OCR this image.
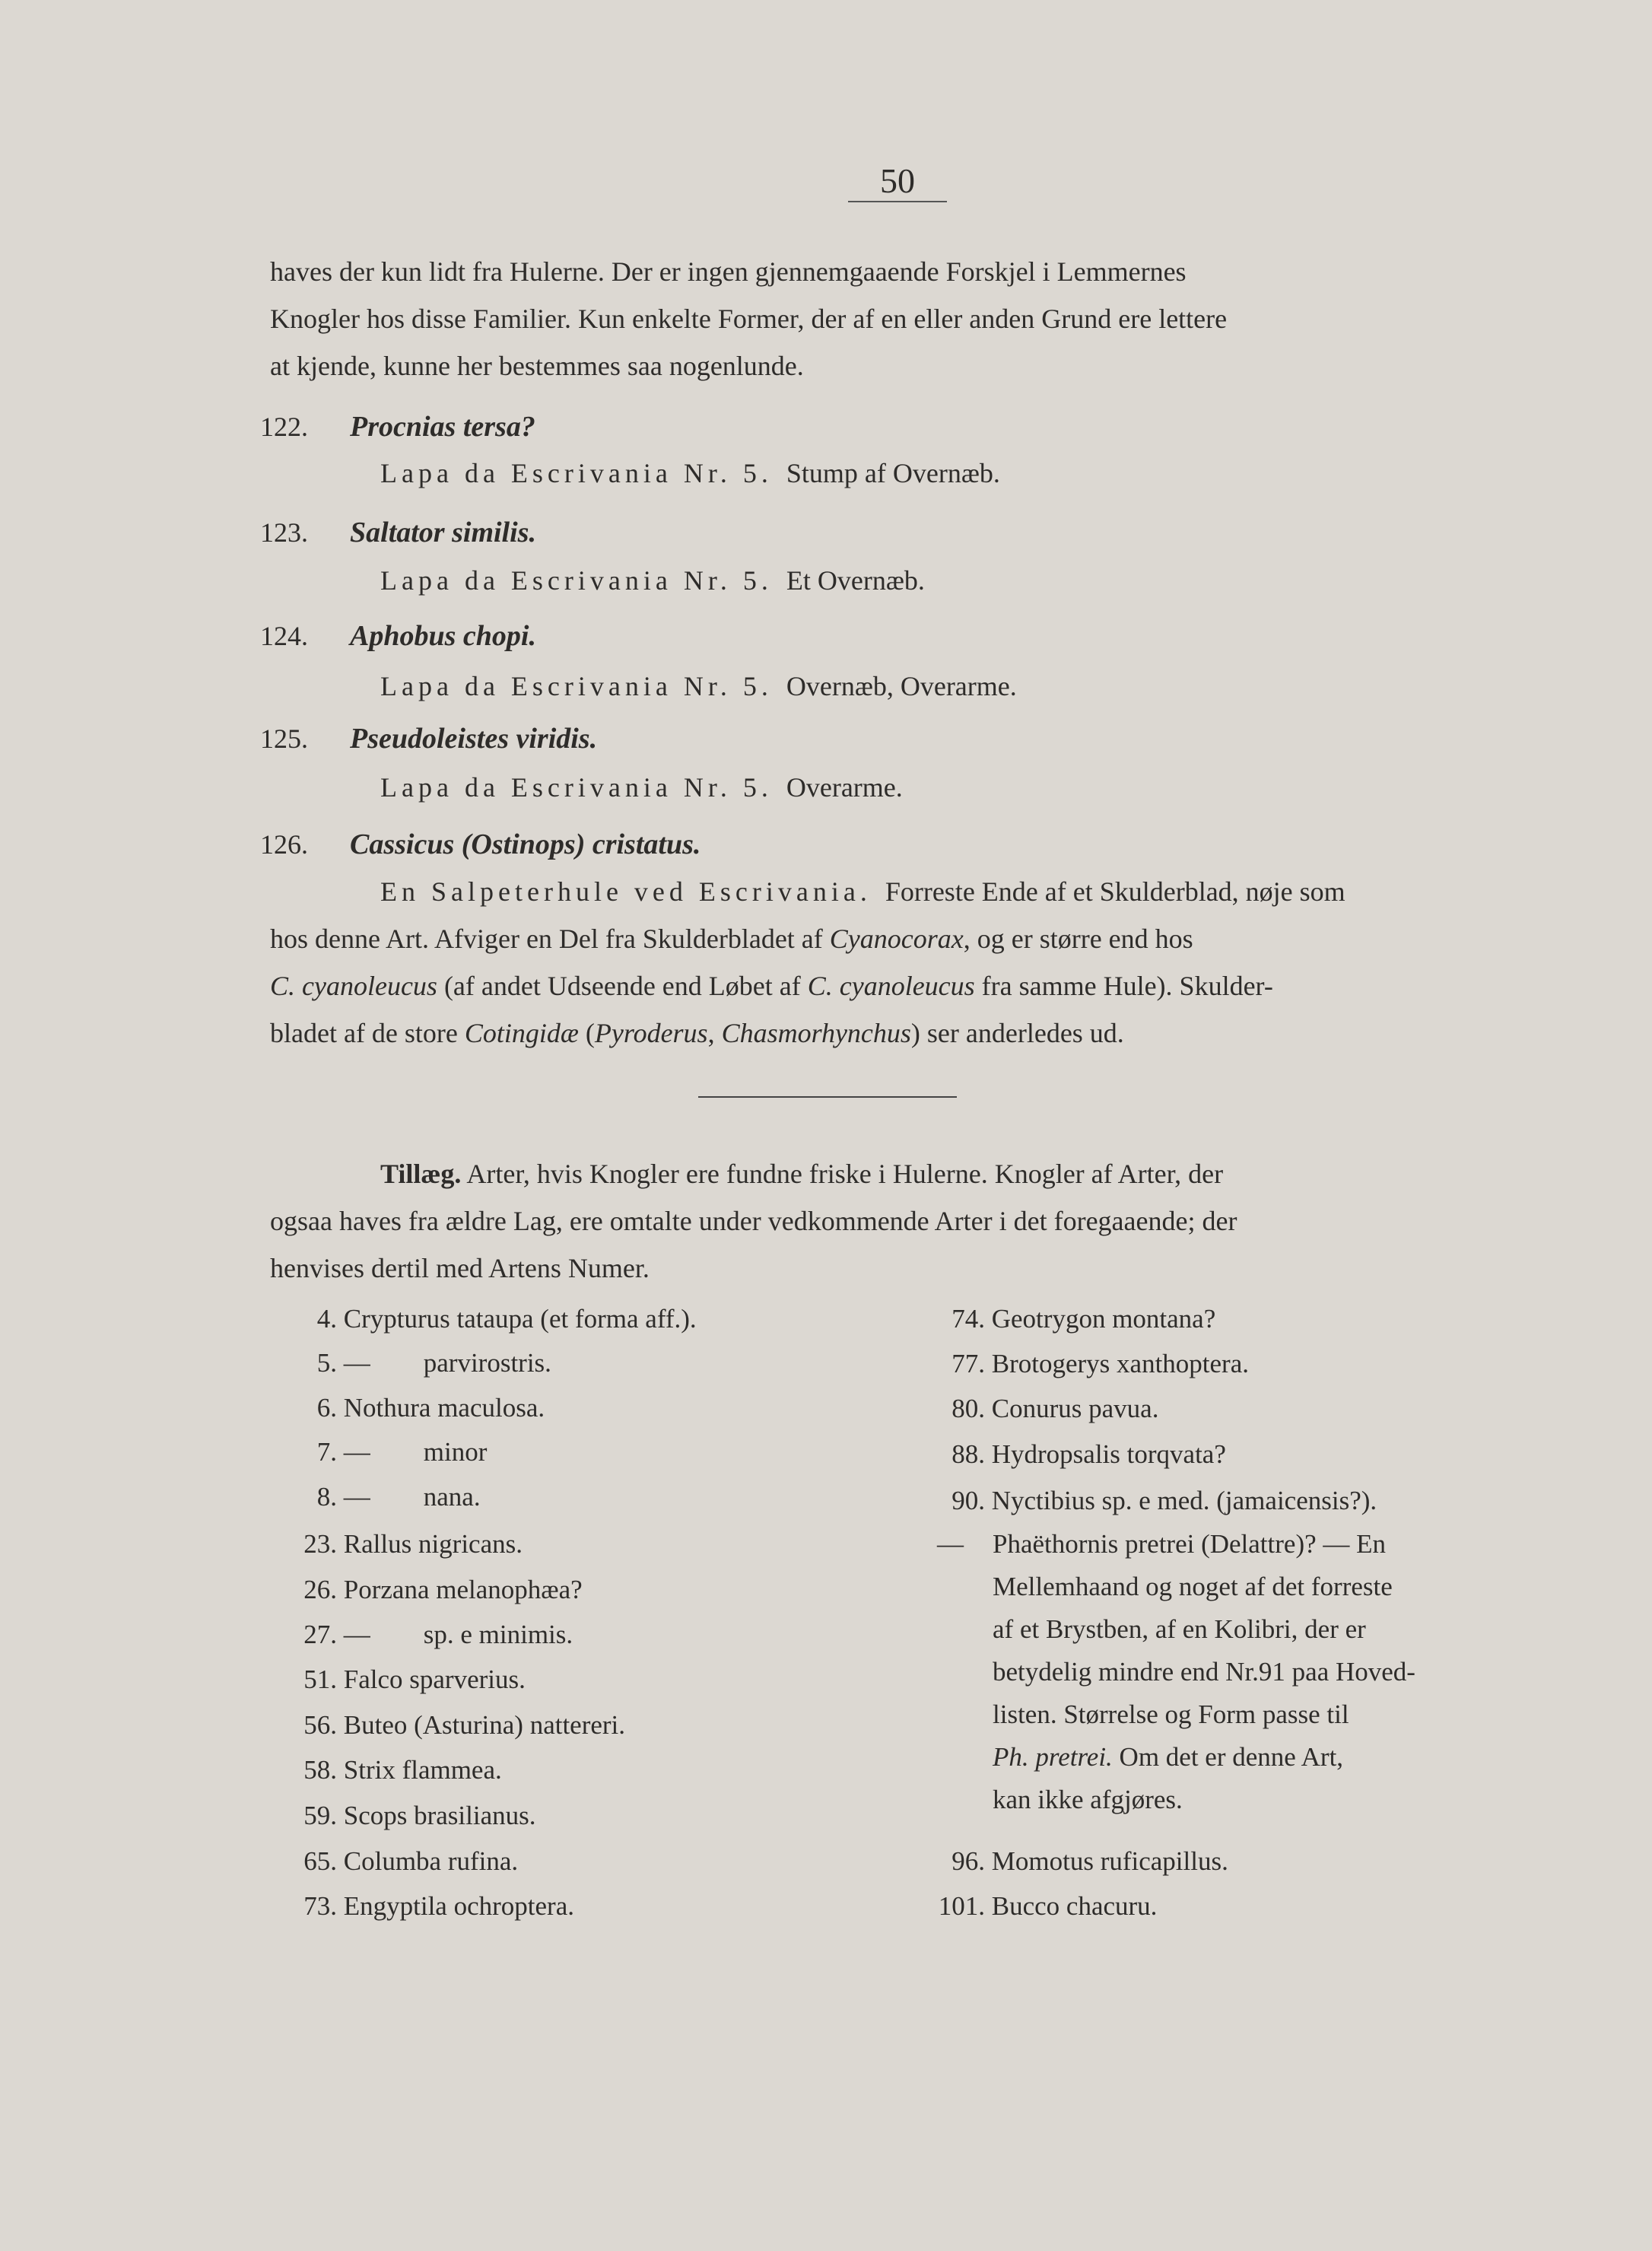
50
haves der kun lidt fra Hulerne. Der er ingen gjennemgaaende Forskjel i Lemmernes
Knogler hos disse Familier. Kun enkelte Former, der af en eller anden Grund ere lettere
at kjende, kunne her bestemmes saa nogenlunde.
122. Procnias tersa?
Lapa da Escrivania Nr. 5. Stump af Overnæb.
123. Saltator similis.
Lapa da Escrivania Nr. 5. Et Overnæb.
124. Aphobus chopi.
Lapa da Escrivania Nr. 5. Overnæb, Overarme.
125. Pseudoleistes viridis.
Lapa da Escrivania Nr. 5. Overarme.
126. Cassicus (Ostinops) cristatus.
En Salpeterhule ved Escrivania. Forreste Ende af et Skulderblad, nøje som
hos denne Art. Afviger en Del fra Skulderbladet af Cyanocorax, og er større end hos
C. cyanoleucus (af andet Udseende end Løbet af C. cyanoleucus fra samme Hule). Skulder-
bladet af de store Cotingidæ (Pyroderus, Chasmorhynchus) ser anderledes ud.
Tillæg. Arter, hvis Knogler ere fundne friske i Hulerne. Knogler af Arter, der
ogsaa haves fra ældre Lag, ere omtalte under vedkommende Arter i det foregaaende; der
henvises dertil med Artens Numer.
4. Crypturus tataupa (et forma aff.).
5. —  parvirostris.
6. Nothura maculosa.
7. —  minor
8. —  nana.
23. Rallus nigricans.
26. Porzana melanophæa?
27. —  sp. e minimis.
51. Falco sparverius.
56. Buteo (Asturina) nattereri.
58. Strix flammea.
59. Scops brasilianus.
65. Columba rufina.
73. Engyptila ochroptera.
74. Geotrygon montana?
77. Brotogerys xanthoptera.
80. Conurus pavua.
88. Hydropsalis torqvata?
90. Nyctibius sp. e med. (jamaicensis?).
— Phaëthornis pretrei (Delattre)? — En
Mellemhaand og noget af det forreste
af et Brystben, af en Kolibri, der er
betydelig mindre end Nr.91 paa Hoved-
listen. Størrelse og Form passe til
Ph. pretrei. Om det er denne Art,
kan ikke afgjøres.
96. Momotus ruficapillus.
101. Bucco chacuru.
